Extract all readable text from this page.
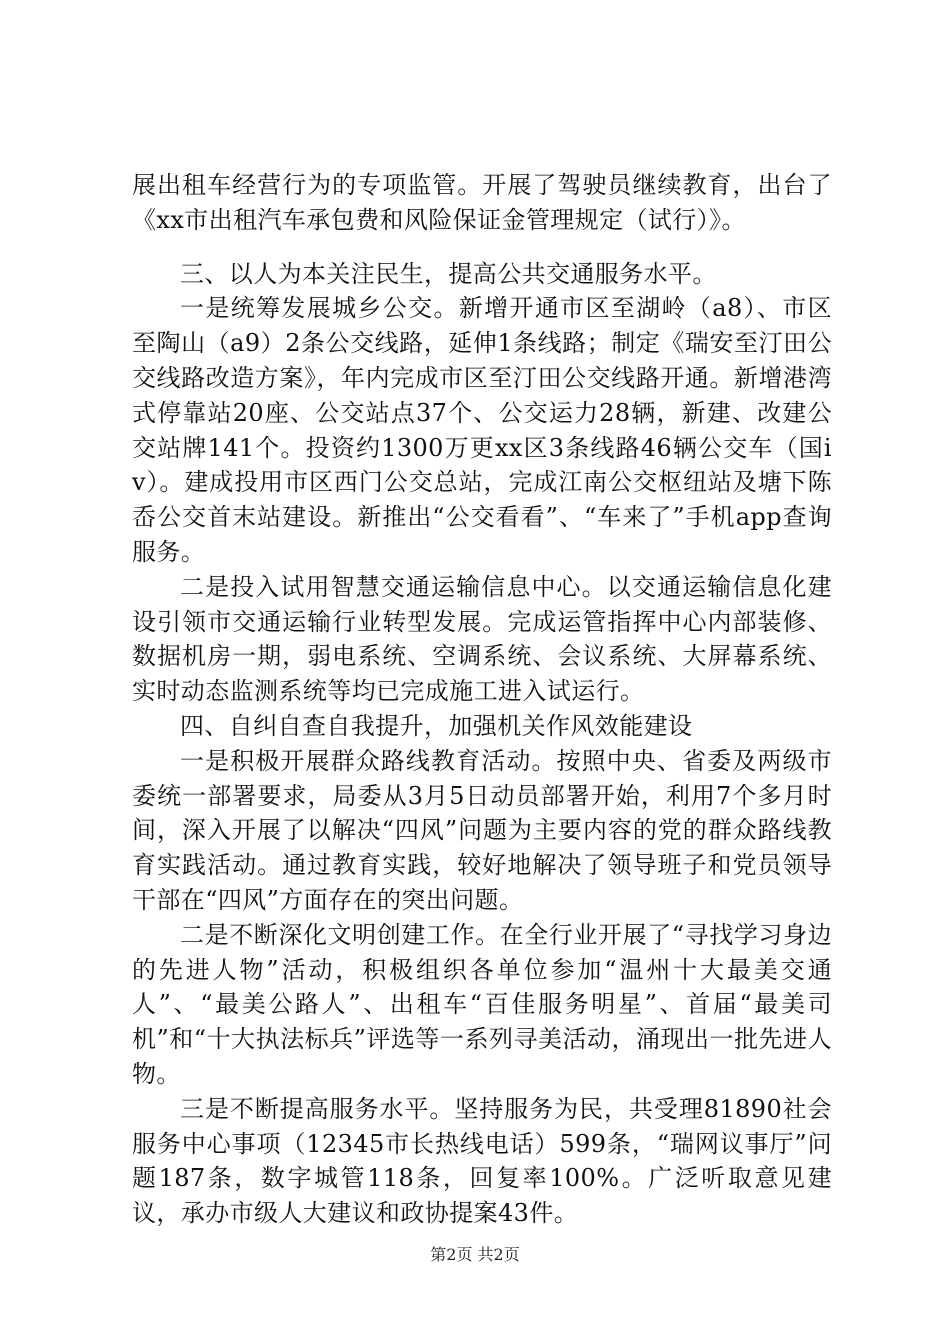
展出租车经营行为的专项监管。开展了驾驶员继续教育，出台了《xx市出租汽车承包费和风险保证金管理规定（试行）》。

三、以人为本关注民生，提高公共交通服务水平。

一是统筹发展城乡公交。新增开通市区至湖岭（a8）、市区至陶山（a9）2条公交线路，延伸1条线路；制定《瑞安至汀田公交线路改造方案》，年内完成市区至汀田公交线路开通。新增港湾式停靠站20座、公交站点37个、公交运力28辆，新建、改建公交站牌141个。投资约1300万更xx区3条线路46辆公交车（国iv）。建成投用市区西门公交总站，完成江南公交枢纽站及塘下陈岙公交首末站建设。新推出“公交看看”、“车来了”手机app查询服务。

二是投入试用智慧交通运输信息中心。以交通运输信息化建设引领市交通运输行业转型发展。完成运管指挥中心内部装修、数据机房一期，弱电系统、空调系统、会议系统、大屏幕系统、实时动态监测系统等均已完成施工进入试运行。

四、自纠自查自我提升，加强机关作风效能建设

一是积极开展群众路线教育活动。按照中央、省委及两级市委统一部署要求，局委从3月5日动员部署开始，利用7个多月时间，深入开展了以解决“四风”问题为主要内容的党的群众路线教育实践活动。通过教育实践，较好地解决了领导班子和党员领导干部在“四风”方面存在的突出问题。

二是不断深化文明创建工作。在全行业开展了“寻找学习身边的先进人物”活动，积极组织各单位参加“温州十大最美交通人”、“最美公路人”、出租车“百佳服务明星”、首届“最美司机”和“十大执法标兵”评选等一系列寻美活动，涌现出一批先进人物。

三是不断提高服务水平。坚持服务为民，共受理81890社会服务中心事项（12345市长热线电话）599条，“瑞网议事厅”问题187条，数字城管118条，回复率100%。广泛听取意见建议，承办市级人大建议和政协提案43件。

第2页 共2页
